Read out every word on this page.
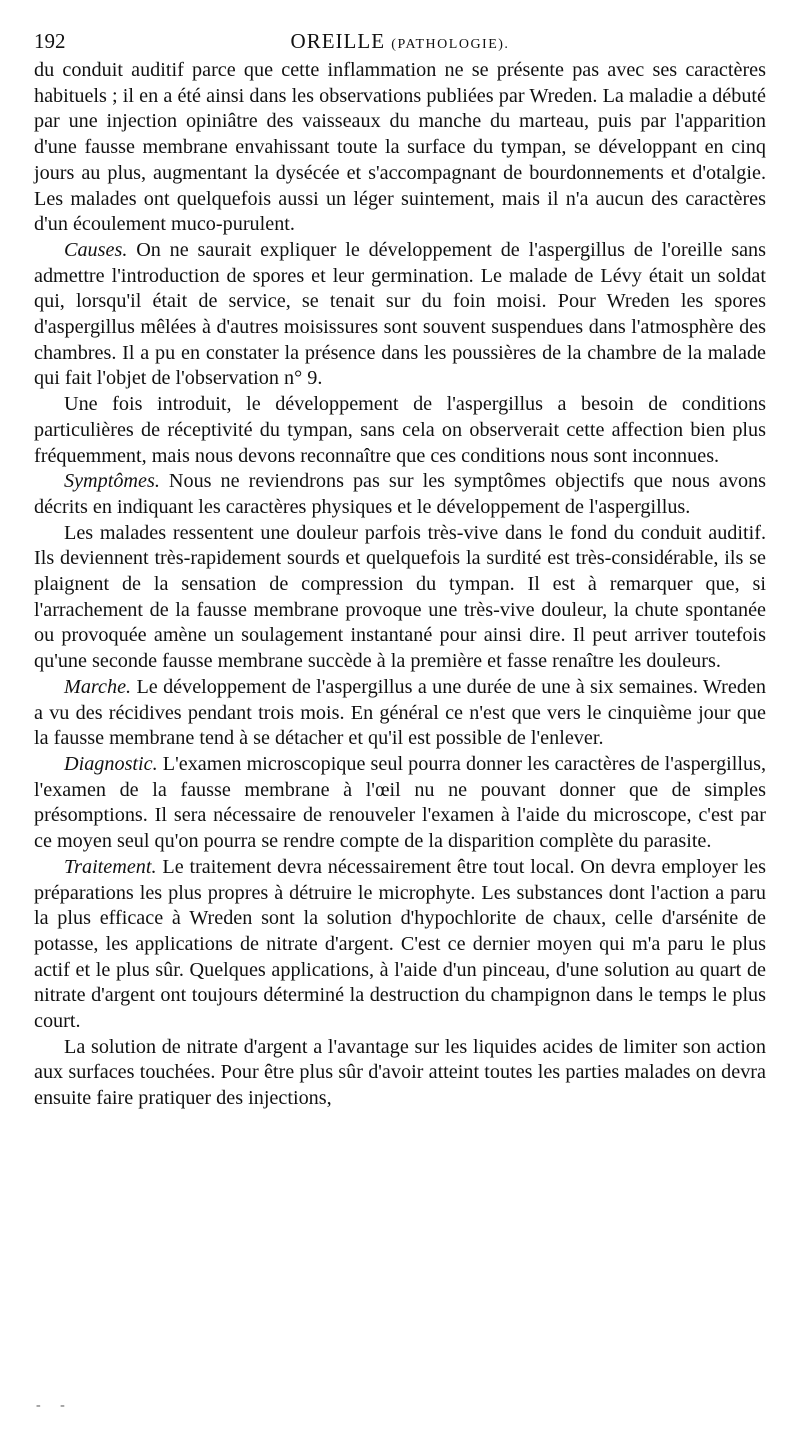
192	OREILLE (PATHOLOGIE).

du conduit auditif parce que cette inflammation ne se présente pas avec ses caractères habituels ; il en a été ainsi dans les observations publiées par Wreden. La maladie a débuté par une injection opiniâtre des vaisseaux du manche du marteau, puis par l'apparition d'une fausse membrane envahissant toute la surface du tympan, se développant en cinq jours au plus, augmentant la dysécée et s'accompagnant de bourdonnements et d'otalgie. Les malades ont quelquefois aussi un léger suintement, mais il n'a aucun des caractères d'un écoulement muco-purulent.

Causes. On ne saurait expliquer le développement de l'aspergillus de l'oreille sans admettre l'introduction de spores et leur germination. Le malade de Lévy était un soldat qui, lorsqu'il était de service, se tenait sur du foin moisi. Pour Wreden les spores d'aspergillus mêlées à d'autres moisissures sont souvent suspendues dans l'atmosphère des chambres. Il a pu en constater la présence dans les poussières de la chambre de la malade qui fait l'objet de l'observation n° 9.

Une fois introduit, le développement de l'aspergillus a besoin de conditions particulières de réceptivité du tympan, sans cela on observerait cette affection bien plus fréquemment, mais nous devons reconnaître que ces conditions nous sont inconnues.

Symptômes. Nous ne reviendrons pas sur les symptômes objectifs que nous avons décrits en indiquant les caractères physiques et le développement de l'aspergillus.

Les malades ressentent une douleur parfois très-vive dans le fond du conduit auditif. Ils deviennent très-rapidement sourds et quelquefois la surdité est très-considérable, ils se plaignent de la sensation de compression du tympan. Il est à remarquer que, si l'arrachement de la fausse membrane provoque une très-vive douleur, la chute spontanée ou provoquée amène un soulagement instantané pour ainsi dire. Il peut arriver toutefois qu'une seconde fausse membrane succède à la première et fasse renaître les douleurs.

Marche. Le développement de l'aspergillus a une durée de une à six semaines. Wreden a vu des récidives pendant trois mois. En général ce n'est que vers le cinquième jour que la fausse membrane tend à se détacher et qu'il est possible de l'enlever.

Diagnostic. L'examen microscopique seul pourra donner les caractères de l'aspergillus, l'examen de la fausse membrane à l'œil nu ne pouvant donner que de simples présomptions. Il sera nécessaire de renouveler l'examen à l'aide du microscope, c'est par ce moyen seul qu'on pourra se rendre compte de la disparition complète du parasite.

Traitement. Le traitement devra nécessairement être tout local. On devra employer les préparations les plus propres à détruire le microphyte. Les substances dont l'action a paru la plus efficace à Wreden sont la solution d'hypochlorite de chaux, celle d'arsénite de potasse, les applications de nitrate d'argent. C'est ce dernier moyen qui m'a paru le plus actif et le plus sûr. Quelques applications, à l'aide d'un pinceau, d'une solution au quart de nitrate d'argent ont toujours déterminé la destruction du champignon dans le temps le plus court.

La solution de nitrate d'argent a l'avantage sur les liquides acides de limiter son action aux surfaces touchées. Pour être plus sûr d'avoir atteint toutes les parties malades on devra ensuite faire pratiquer des injections,

- -
